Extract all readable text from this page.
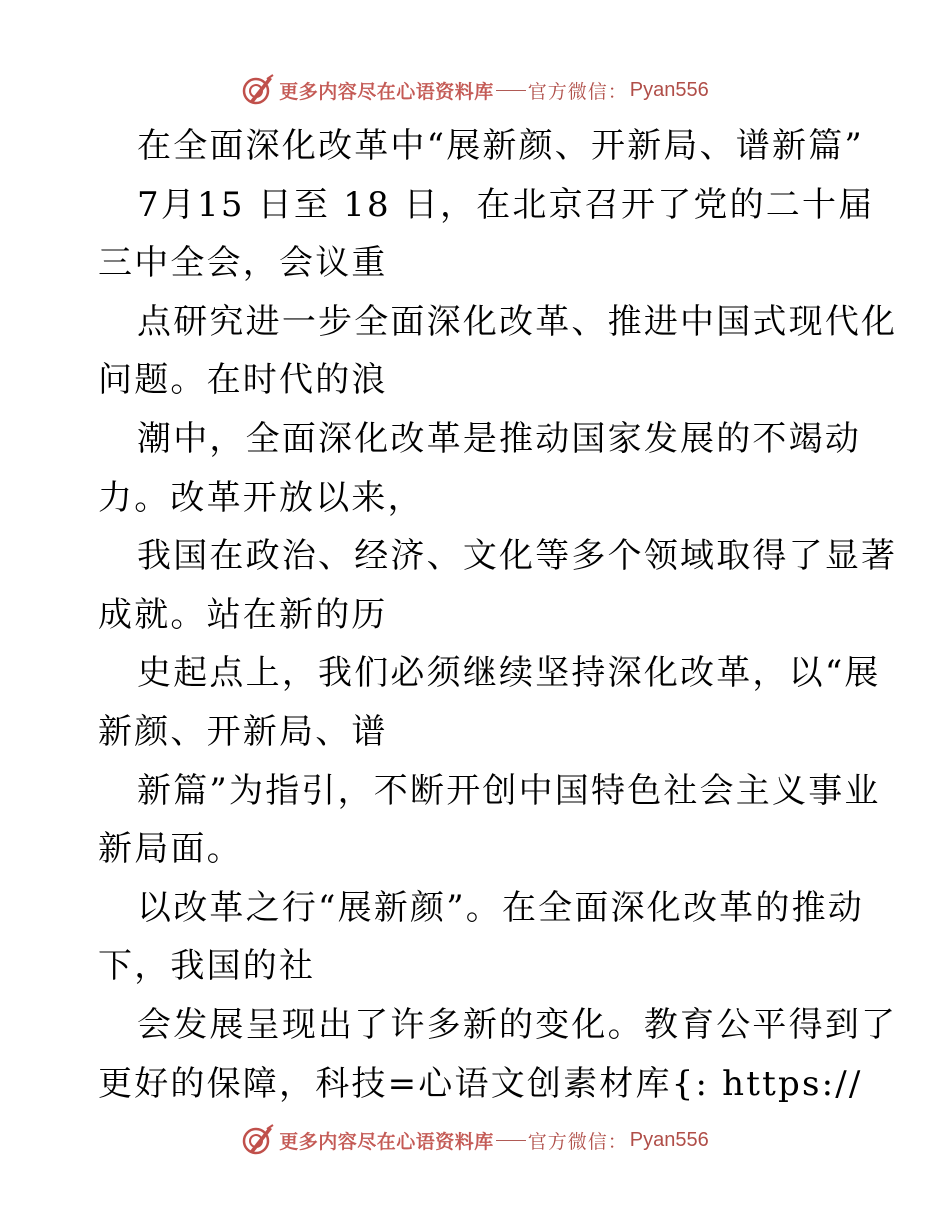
更多内容尽在心语资料库 官方微信： Pyan556
在全面深化改革中“展新颜、开新局、谱新篇”
7月15 日至 18 日，在北京召开了党的二十届
三中全会，会议重
点研究进一步全面深化改革、推进中国式现代化
问题。在时代的浪
潮中，全面深化改革是推动国家发展的不竭动
力。改革开放以来，
我国在政治、经济、文化等多个领域取得了显著
成就。站在新的历
史起点上，我们必须继续坚持深化改革，以“展
新颜、开新局、谱
新篇”为指引，不断开创中国特色社会主义事业
新局面。
以改革之行“展新颜”。在全面深化改革的推动
下，我国的社
会发展呈现出了许多新的变化。教育公平得到了
更好的保障，科技=心语文创素材库{: https://
更多内容尽在心语资料库 官方微信： Pyan556
